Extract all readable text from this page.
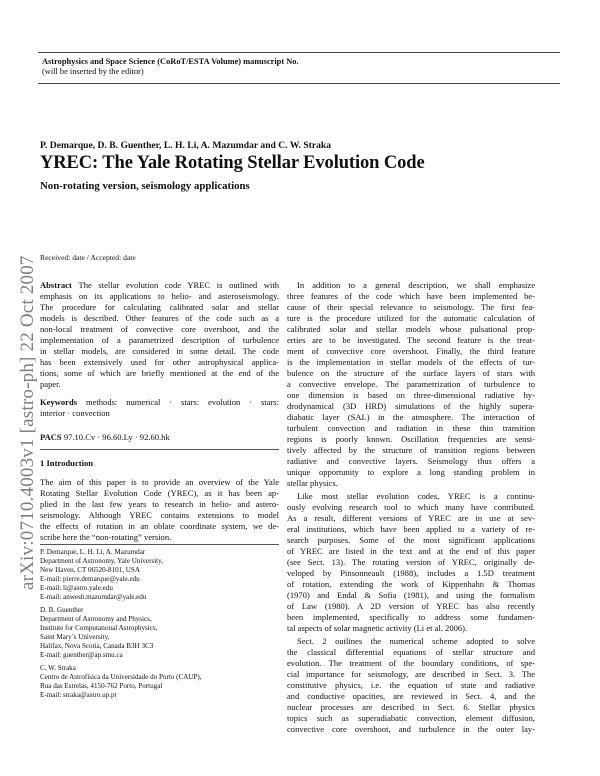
Astrophysics and Space Science (CoRoT/ESTA Volume) manuscript No.
(will be inserted by the editor)
arXiv:0710.4003v1 [astro-ph] 22 Oct 2007
P. Demarque, D. B. Guenther, L. H. Li, A. Mazumdar and C. W. Straka
YREC: The Yale Rotating Stellar Evolution Code
Non-rotating version, seismology applications
Received: date / Accepted: date
Abstract The stellar evolution code YREC is outlined with
emphasis on its applications to helio- and asteroseismology.
The procedure for calculating calibrated solar and stellar
models is described. Other features of the code such as a
non-local treatment of convective core overshoot, and the
implementation of a parametrized description of turbulence
in stellar models, are considered in some detail. The code
has been extensively used for other astrophysical applica-
tions, some of which are briefly mentioned at the end of the
paper.
Keywords methods: numerical · stars: evolution · stars:
interior · convection
PACS 97.10.Cv · 96.60.Ly · 92.60.hk
1 Introduction
The aim of this paper is to provide an overview of the Yale
Rotating Stellar Evolution Code (YREC), as it has been ap-
plied in the last few years to research in helio- and astero-
seismology. Although YREC contains extensions to model
the effects of rotation in an oblate coordinate system, we de-
scribe here the “non-rotating” version.
P. Demarque, L. H. Li, A. Mazumdar
Department of Astronomy, Yale University,
New Haven, CT 06520-8101, USA
E-mail: pierre.demarque@yale.edu
E-mail: li@astro.yale.edu
E-mail: anwesh.mazumdar@yale.edu
D. B. Guenther
Department of Astronomy and Physics,
Institute for Computational Astrophysics,
Saint Mary’s University,
Halifax, Nova Scotia, Canada B3H 3C3
E-mail: guenther@ap.smu.ca
C. W. Straka
Centro de Astrofísica da Universidade do Porto (CAUP),
Rua das Estrelas, 4150-762 Porto, Portugal
E-mail: straka@astro.up.pt
In addition to a general description, we shall emphasize
three features of the code which have been implemented be-
cause of their special relevance to seismology. The first fea-
ture is the procedure utilized for the automatic calculation of
calibrated solar and stellar models whose pulsational prop-
erties are to be investigated. The second feature is the treat-
ment of convective core overshoot. Finally, the third feature
is the implementation in stellar models of the effects of tur-
bulence on the structure of the surface layers of stars with
a convective envelope. The parametrization of turbulence to
one dimension is based on three-dimensional radiative hy-
drodynamical (3D HRD) simulations of the highly supera-
diabatic layer (SAL) in the atmosphere. The interaction of
turbulent convection and radiation in these thin transition
regions is poorly known. Oscillation frequencies are sensi-
tively affected by the structure of transition regions between
radiative and convective layers. Seismology thus offers a
unique opportunity to explore a long standing problem in
stellar physics.
Like most stellar evolution codes, YREC is a continu-
ously evolving research tool to which many have contributed.
As a result, different versions of YREC are in use at sev-
eral institutions, which have been applied to a variety of re-
search purposes. Some of the most significant applications
of YREC are listed in the text and at the end of this paper
(see Sect. 13). The rotating version of YREC, originally de-
veloped by Pinsonneault (1988), includes a 1.5D treatment
of rotation, extending the work of Kippenhahn & Thomas
(1970) and Endal & Sofia (1981), and using the formalism
of Law (1980). A 2D version of YREC has also recently
been implemented, specifically to address some fundamen-
tal aspects of solar magnetic activity (Li et al. 2006).
Sect. 2 outlines the numerical scheme adopted to solve
the classical differential equations of stellar structure and
evolution. The treatment of the boundary conditions, of spe-
cial importance for seismology, are described in Sect. 3. The
constitutive physics, i.e. the equation of state and radiative
and conductive opacities, are reviewed in Sect. 4, and the
nuclear processes are described in Sect. 6. Stellar physics
topics such as superadiabatic convection, element diffusion,
convective core overshoot, and turbulence in the outer lay-
